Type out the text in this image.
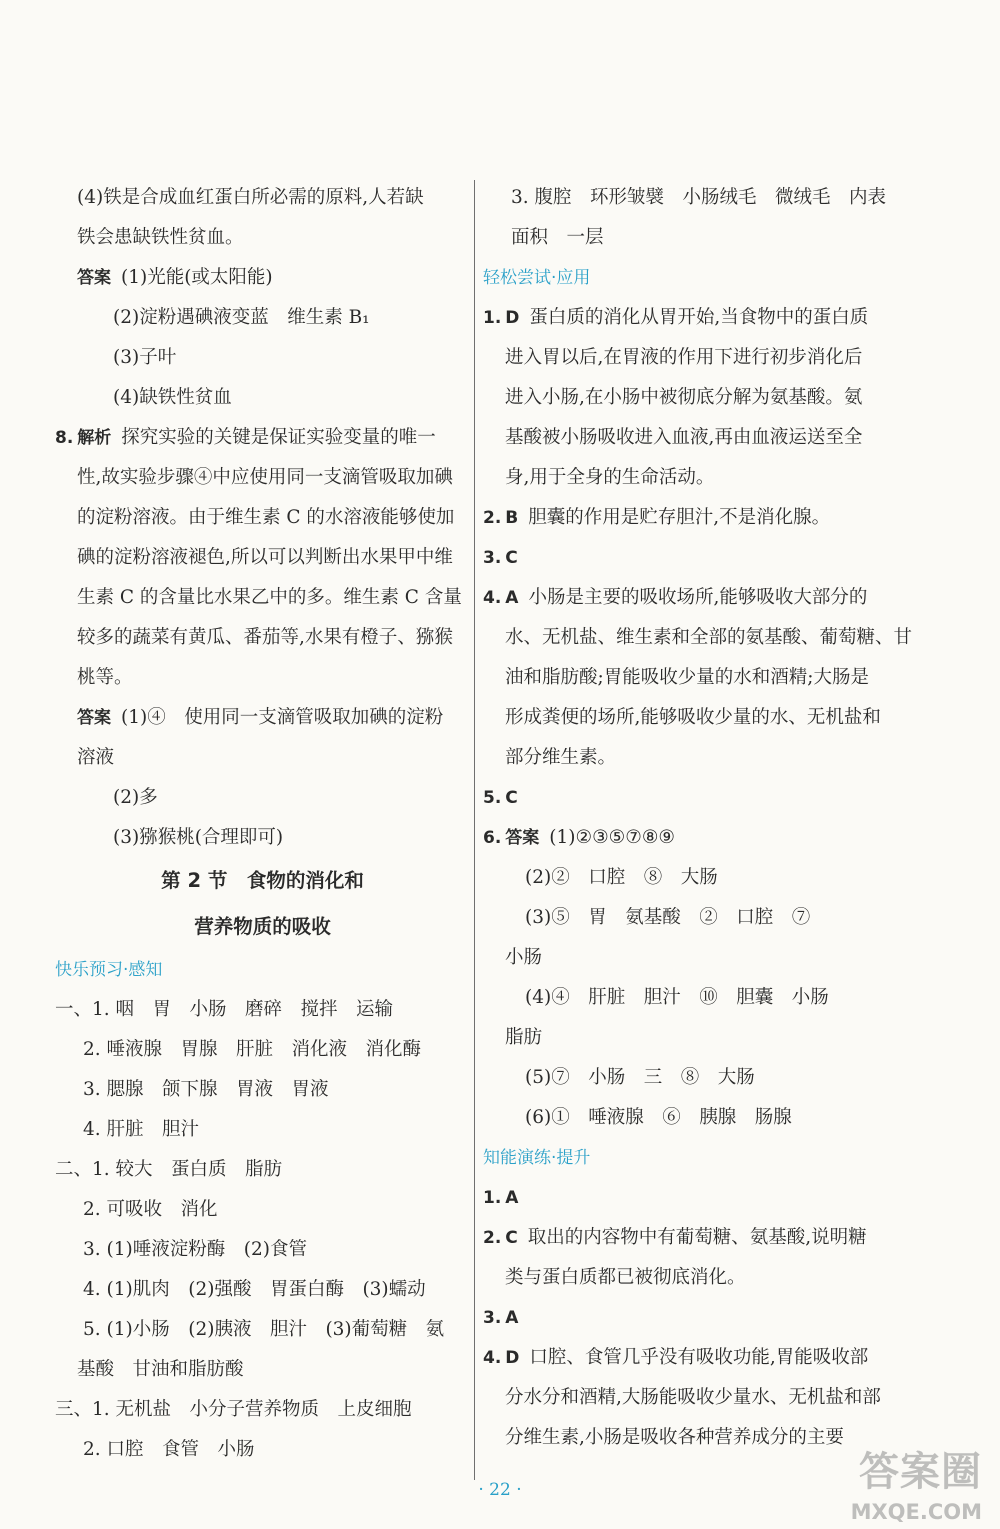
(4)铁是合成血红蛋白所必需的原料,人若缺
铁会患缺铁性贫血。
答案 (1)光能(或太阳能)
(2)淀粉遇碘液变蓝　维生素 B₁
(3)子叶
(4)缺铁性贫血
8. 解析 探究实验的关键是保证实验变量的唯一
性,故实验步骤④中应使用同一支滴管吸取加碘
的淀粉溶液。由于维生素 C 的水溶液能够使加
碘的淀粉溶液褪色,所以可以判断出水果甲中维
生素 C 的含量比水果乙中的多。维生素 C 含量
较多的蔬菜有黄瓜、番茄等,水果有橙子、猕猴
桃等。
答案 (1)④　使用同一支滴管吸取加碘的淀粉
溶液
(2)多
(3)猕猴桃(合理即可)
第 2 节　食物的消化和
营养物质的吸收
快乐预习·感知
一、1. 咽　胃　小肠　磨碎　搅拌　运输
2. 唾液腺　胃腺　肝脏　消化液　消化酶
3. 腮腺　颌下腺　胃液　胃液
4. 肝脏　胆汁
二、1. 较大　蛋白质　脂肪
2. 可吸收　消化
3. (1)唾液淀粉酶　(2)食管
4. (1)肌肉　(2)强酸　胃蛋白酶　(3)蠕动
5. (1)小肠　(2)胰液　胆汁　(3)葡萄糖　氨
基酸　甘油和脂肪酸
三、1. 无机盐　小分子营养物质　上皮细胞
2. 口腔　食管　小肠
3. 腹腔　环形皱襞　小肠绒毛　微绒毛　内表
面积　一层
轻松尝试·应用
1. D 蛋白质的消化从胃开始,当食物中的蛋白质
进入胃以后,在胃液的作用下进行初步消化后
进入小肠,在小肠中被彻底分解为氨基酸。氨
基酸被小肠吸收进入血液,再由血液运送至全
身,用于全身的生命活动。
2. B 胆囊的作用是贮存胆汁,不是消化腺。
3. C
4. A 小肠是主要的吸收场所,能够吸收大部分的
水、无机盐、维生素和全部的氨基酸、葡萄糖、甘
油和脂肪酸;胃能吸收少量的水和酒精;大肠是
形成粪便的场所,能够吸收少量的水、无机盐和
部分维生素。
5. C
6. 答案 (1)②③⑤⑦⑧⑨
(2)②　口腔　⑧　大肠
(3)⑤　胃　氨基酸　②　口腔　⑦
小肠
(4)④　肝脏　胆汁　⑩　胆囊　小肠
脂肪
(5)⑦　小肠　三　⑧　大肠
(6)①　唾液腺　⑥　胰腺　肠腺
知能演练·提升
1. A
2. C 取出的内容物中有葡萄糖、氨基酸,说明糖
类与蛋白质都已被彻底消化。
3. A
4. D 口腔、食管几乎没有吸收功能,胃能吸收部
分水分和酒精,大肠能吸收少量水、无机盐和部
分维生素,小肠是吸收各种营养成分的主要
· 22 ·	答案圈
MXQE.COM
